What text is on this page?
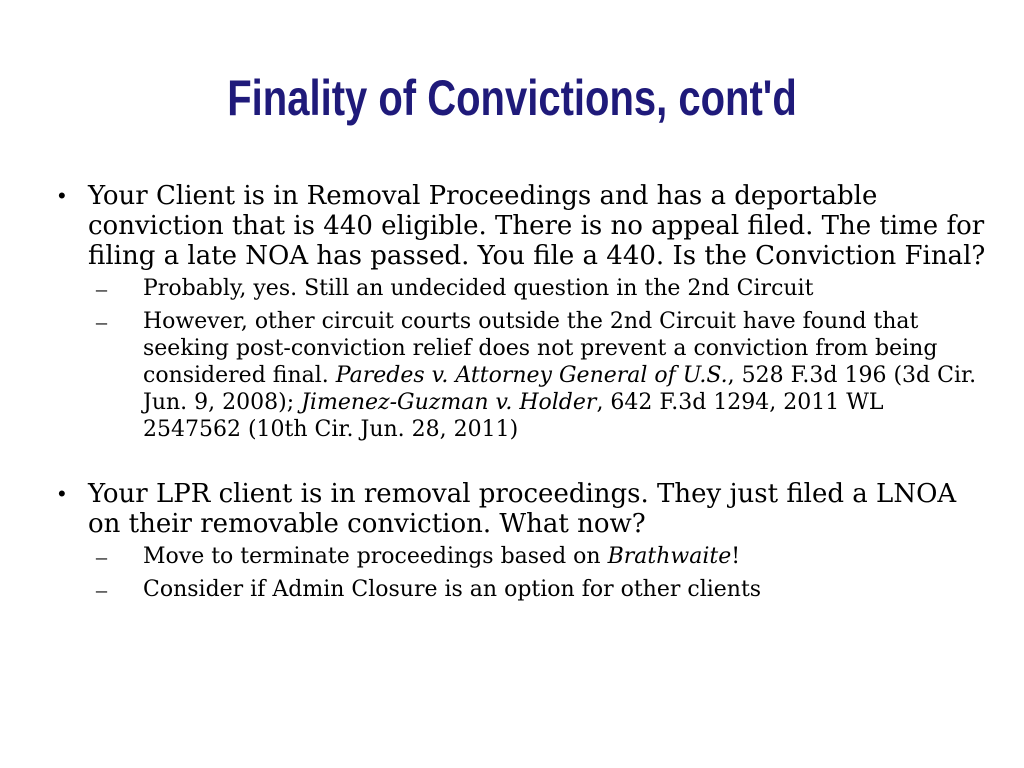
Finality of Convictions, cont'd
• Your Client is in Removal Proceedings and has a deportable conviction that is 440 eligible. There is no appeal filed. The time for filing a late NOA has passed. You file a 440. Is the Conviction Final?
– Probably, yes. Still an undecided question in the 2nd Circuit
– However, other circuit courts outside the 2nd Circuit have found that seeking post-conviction relief does not prevent a conviction from being considered final. Paredes v. Attorney General of U.S., 528 F.3d 196 (3d Cir. Jun. 9, 2008); Jimenez-Guzman v. Holder, 642 F.3d 1294, 2011 WL 2547562 (10th Cir. Jun. 28, 2011)
• Your LPR client is in removal proceedings. They just filed a LNOA on their removable conviction. What now?
– Move to terminate proceedings based on Brathwaite!
– Consider if Admin Closure is an option for other clients
